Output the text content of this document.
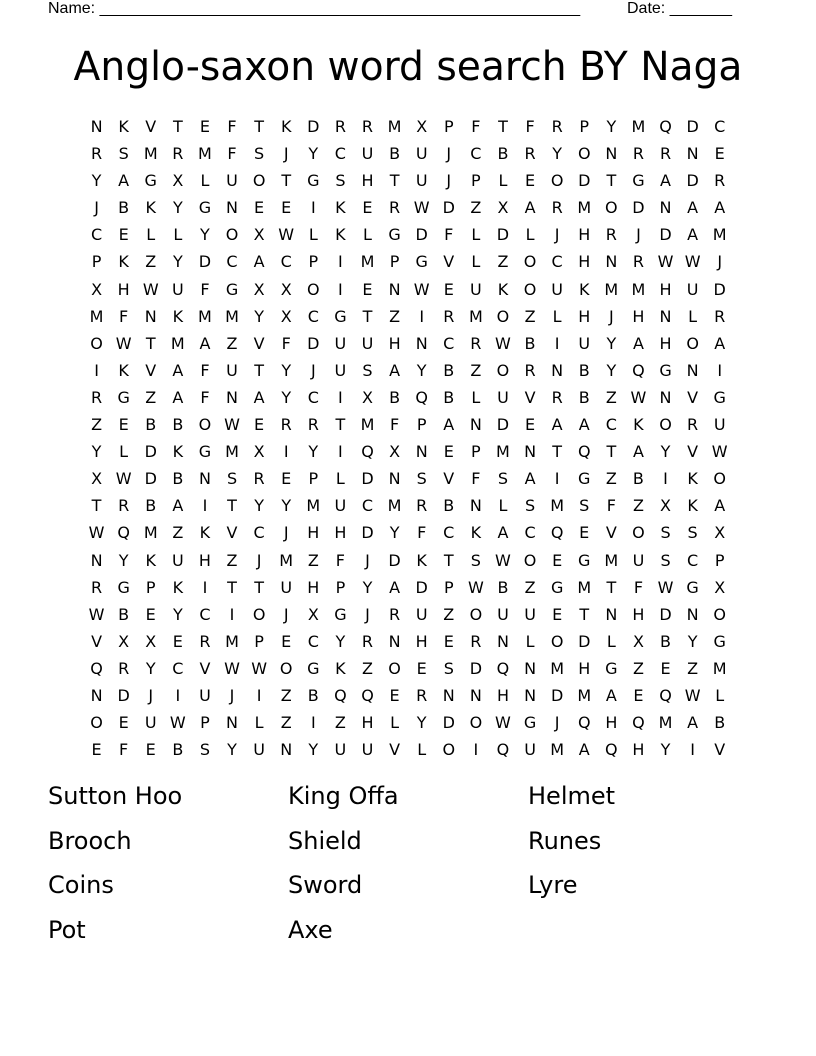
Name: ______________________________________________________	Date: _______
Anglo-saxon word search BY Naga
N K	V	T	E	F	T	K D R R M X	P	F	T	F	R	P	Y M Q D C
R	S M R M F	S	J	Y	C U B U	J	C	B	R	Y O N R R N	E
Y	A G X	L	U O T	G S	H	T	U	J	P	L	E O D	T	G A D R
J	B	K	Y	G N	E	E	I	K	E	R W D Z	X	A	R M O D N A	A
C	E	L	L	Y O X W L	K	L	G D	F	L	D	L	J	H R	J	D A M
P	K	Z	Y	D C	A	C	P	I	M P	G V	L	Z O C H N R W W	J
X H W U	F	G X	X O	I	E	N W E	U K O U K M M H U D
M F	N K M M Y	X	C G	T	Z	I	R M O Z	L	H	J	H N	L	R
O W T M A	Z	V	F	D U U H N C R W B	I	U	Y	A H O A
I	K	V	A	F	U	T	Y	J	U	S	A	Y	B	Z O R N B	Y Q G N	I
R G Z	A	F	N A	Y	C	I	X	B Q B	L	U V	R	B	Z W N V G
Z	E	B	B O W E	R R	T M F	P	A N D E	A	A	C	K O R U
Y	L	D K G M X	I	Y	I	Q X N	E	P M N	T Q T	A	Y	V W
X W D B N	S	R	E	P	L	D N	S	V	F	S	A	I	G Z	B	I	K O
T	R	B	A	I	T	Y	Y M U C M R	B N	L	S M S	F	Z	X	K	A
W Q M Z	K	V	C	J	H H D	Y	F	C	K	A	C Q E	V O S	S	X
N	Y	K U H Z	J	M Z	F	J	D K	T	S W O E G M U	S	C	P
R G	P	K	I	T	T	U H	P	Y	A D	P W B	Z G M T	F W G X
W B	E	Y	C	I	O	J	X G	J	R U Z O U U	E	T	N H D N O
V	X	X	E	R M P	E	C	Y	R N H	E	R N	L	O D	L	X	B	Y	G
Q R	Y	C	V W W O G K	Z O E	S D Q N M H G Z	E	Z M
N D	J	I	U	J	I	Z	B Q Q E	R N N H N D M A	E Q W L
O E	U W P	N	L	Z	I	Z H	L	Y	D O W G	J	Q H Q M A	B
E	F	E	B	S	Y	U N	Y	U U V	L	O	I	Q U M A Q H	Y	I	V
Sutton Hoo	King Offa	Helmet
Brooch	Shield	Runes
Coins	Sword	Lyre
Pot	Axe
